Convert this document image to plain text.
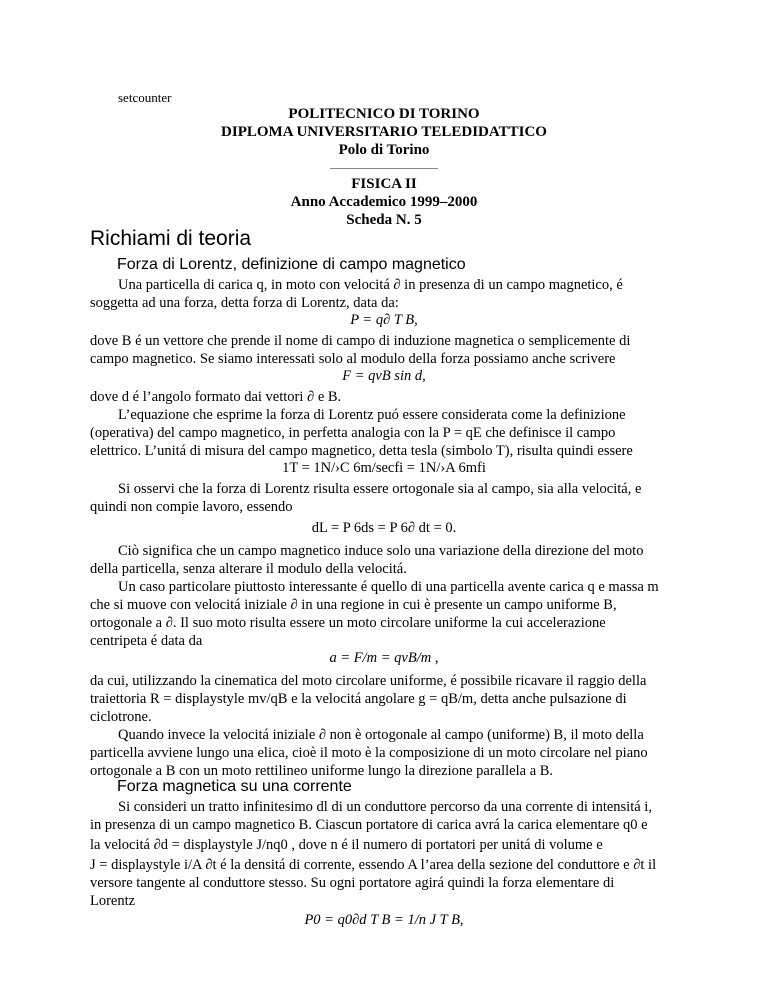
setcounter
POLITECNICO DI TORINO
DIPLOMA UNIVERSITARIO TELEDIDATTICO
Polo di Torino
FISICA II
Anno Accademico 1999–2000
Scheda N. 5
Richiami di teoria
Forza di Lorentz, definizione di campo magnetico
Una particella di carica q, in moto con velocitá ∂ in presenza di un campo magnetico, é
soggetta ad una forza, detta forza di Lorentz, data da:
P = q∂ T B,
dove B é un vettore che prende il nome di campo di induzione magnetica o semplicemente di
campo magnetico. Se siamo interessati solo al modulo della forza possiamo anche scrivere
F = qvB sin d,
dove d é l’angolo formato dai vettori ∂ e B.
L’equazione che esprime la forza di Lorentz puó essere considerata come la definizione
(operativa) del campo magnetico, in perfetta analogia con la P = qE che definisce il campo
elettrico. L’unitá di misura del campo magnetico, detta tesla (simbolo T), risulta quindi essere
1T = 1N/›C 6m/secfi = 1N/›A 6mfi
Si osservi che la forza di Lorentz risulta essere ortogonale sia al campo, sia alla velocitá, e
quindi non compie lavoro, essendo
dL = P 6ds = P 6∂ dt = 0.
Ciò significa che un campo magnetico induce solo una variazione della direzione del moto
della particella, senza alterare il modulo della velocitá.
Un caso particolare piuttosto interessante é quello di una particella avente carica q e massa m
che si muove con velocitá iniziale ∂ in una regione in cui è presente un campo uniforme B,
ortogonale a ∂. Il suo moto risulta essere un moto circolare uniforme la cui accelerazione
centripeta é data da
a = F/m = qvB/m ,
da cui, utilizzando la cinematica del moto circolare uniforme, é possibile ricavare il raggio della
traiettoria R = displaystyle mv/qB e la velocitá angolare g = qB/m, detta anche pulsazione di
ciclotrone.
Quando invece la velocitá iniziale ∂ non è ortogonale al campo (uniforme) B, il moto della
particella avviene lungo una elica, cioè il moto è la composizione di un moto circolare nel piano
ortogonale a B con un moto rettilineo uniforme lungo la direzione parallela a B.
Forza magnetica su una corrente
Si consideri un tratto infinitesimo dl di un conduttore percorso da una corrente di intensitá i,
in presenza di un campo magnetico B. Ciascun portatore di carica avrá la carica elementare q0 e
la velocitá ∂d = displaystyle J/nq0 , dove n é il numero di portatori per unitá di volume e
J = displaystyle i/A ∂t é la densitá di corrente, essendo A l’area della sezione del conduttore e ∂t il
versore tangente al conduttore stesso. Su ogni portatore agirá quindi la forza elementare di
Lorentz
P0 = q0∂d T B = 1/n J T B,
